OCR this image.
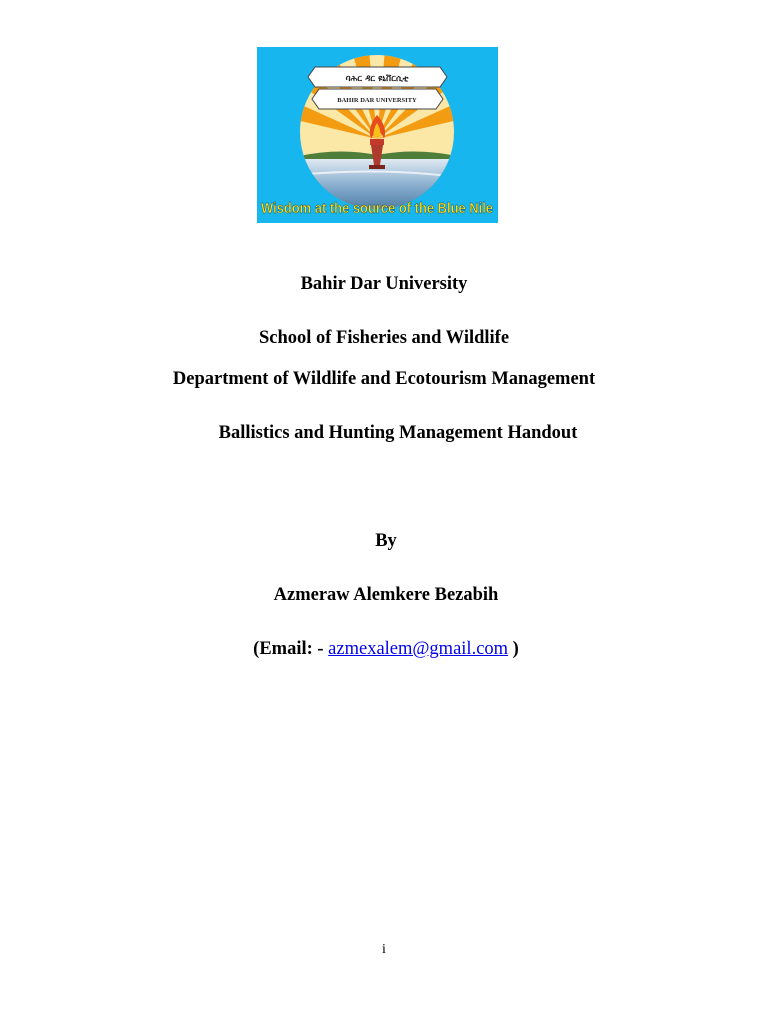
ባሕር ዳር ዩኒቨርሲቲ
BAHIR DAR UNIVERSITY
Wisdom at the source of the Blue Nile
Bahir Dar University
School of Fisheries and Wildlife
Department of Wildlife and Ecotourism Management
Ballistics and Hunting Management Handout
By
Azmeraw Alemkere Bezabih
(Email: - azmexalem@gmail.com )
i
